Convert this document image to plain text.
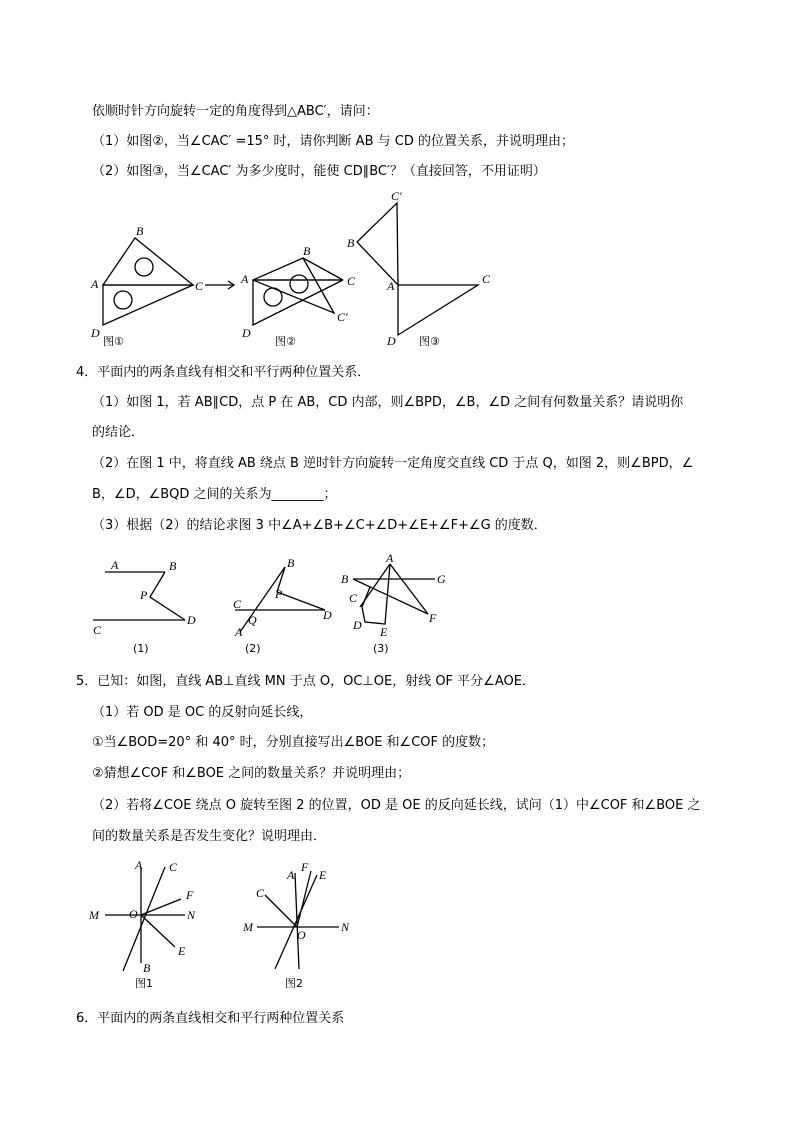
依顺时针方向旋转一定的角度得到△ABC′，请问：
（1）如图②，当∠CAC′ =15° 时，请你判断 AB 与 CD 的位置关系，并说明理由；
（2）如图③，当∠CAC′ 为多少度时，能使 CD∥BC′？（直接回答，不用证明）
B
A	C
D
图①
B
A	C
C′
D
图②
C′
B
A	C
D 图③
4．平面内的两条直线有相交和平行两种位置关系．
（1）如图 1，若 AB∥CD，点 P 在 AB，CD 内部，则∠BPD，∠B，∠D 之间有何数量关系？请说明你
的结论．
（2）在图 1 中，将直线 AB 绕点 B 逆时针方向旋转一定角度交直线 CD 于点 Q，如图 2，则∠BPD，∠
B，∠D，∠BQD 之间的关系为________；
（3）根据（2）的结论求图 3 中∠A+∠B+∠C+∠D+∠E+∠F+∠G 的度数．
A	B
P
C
D
(1)
B
P
C
Q
A
D
(2)
A
B	G
C
F
D E
(3)
5．已知：如图，直线 AB⊥直线 MN 于点 O，OC⊥OE，射线 OF 平分∠AOE．
（1）若 OD 是 OC 的反射向延长线，
①当∠BOD=20° 和 40° 时，分别直接写出∠BOE 和∠COF 的度数；
②猜想∠COF 和∠BOE 之间的数量关系？并说明理由；
（2）若将∠COE 绕点 O 旋转至图 2 的位置，OD 是 OE 的反向延长线，试问（1）中∠COF 和∠BOE 之
间的数量关系是否发生变化？说明理由．
A C
F
M	O	N
E
B
图1
C
A
F
E
M
O
N
图2
6．平面内的两条直线相交和平行两种位置关系
